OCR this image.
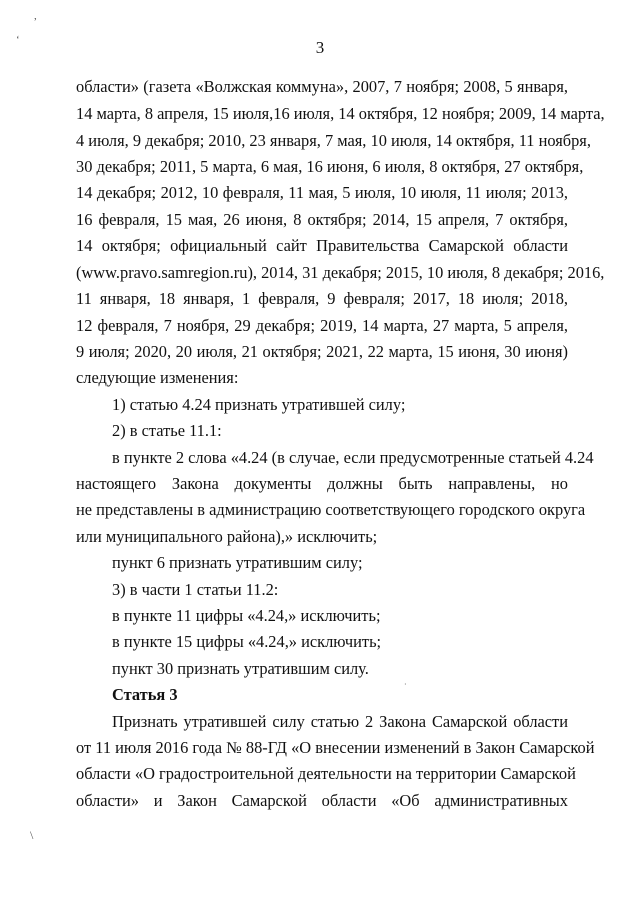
,
ʻ	3
области» (газета «Волжская коммуна», 2007, 7 ноября; 2008, 5 января,
14 марта, 8 апреля, 15 июля,16 июля, 14 октября, 12 ноября; 2009, 14 марта,
4 июля, 9 декабря; 2010, 23 января, 7 мая, 10 июля, 14 октября, 11 ноября,
30 декабря; 2011, 5 марта, 6 мая, 16 июня, 6 июля, 8 октября, 27 октября,
14 декабря; 2012, 10 февраля, 11 мая, 5 июля, 10 июля, 11 июля; 2013,
16 февраля, 15 мая, 26 июня, 8 октября; 2014, 15 апреля, 7 октября,
14 октября; официальный сайт Правительства Самарской области
(www.pravo.samregion.ru), 2014, 31 декабря; 2015, 10 июля, 8 декабря; 2016,
11 января, 18 января, 1 февраля, 9 февраля; 2017, 18 июля; 2018,
12 февраля, 7 ноября, 29 декабря; 2019, 14 марта, 27 марта, 5 апреля,
9 июля; 2020, 20 июля, 21 октября; 2021, 22 марта, 15 июня, 30 июня)
следующие изменения:
1) статью 4.24 признать утратившей силу;
2) в статье 11.1:
в пункте 2 слова «4.24 (в случае, если предусмотренные статьей 4.24
настоящего Закона документы должны быть направлены, но
не представлены в администрацию соответствующего городского округа
или муниципального района),» исключить;
пункт 6 признать утратившим силу;
3) в части 1 статьи 11.2:
в пункте 11 цифры «4.24,» исключить;
в пункте 15 цифры «4.24,» исключить;
пункт 30 признать утратившим силу.
Статья 3
Признать утратившей силу статью 2 Закона Самарской области
от 11 июля 2016 года № 88-ГД «О внесении изменений в Закон Самарской
области «О градостроительной деятельности на территории Самарской
области» и Закон Самарской области «Об административных
\
·
